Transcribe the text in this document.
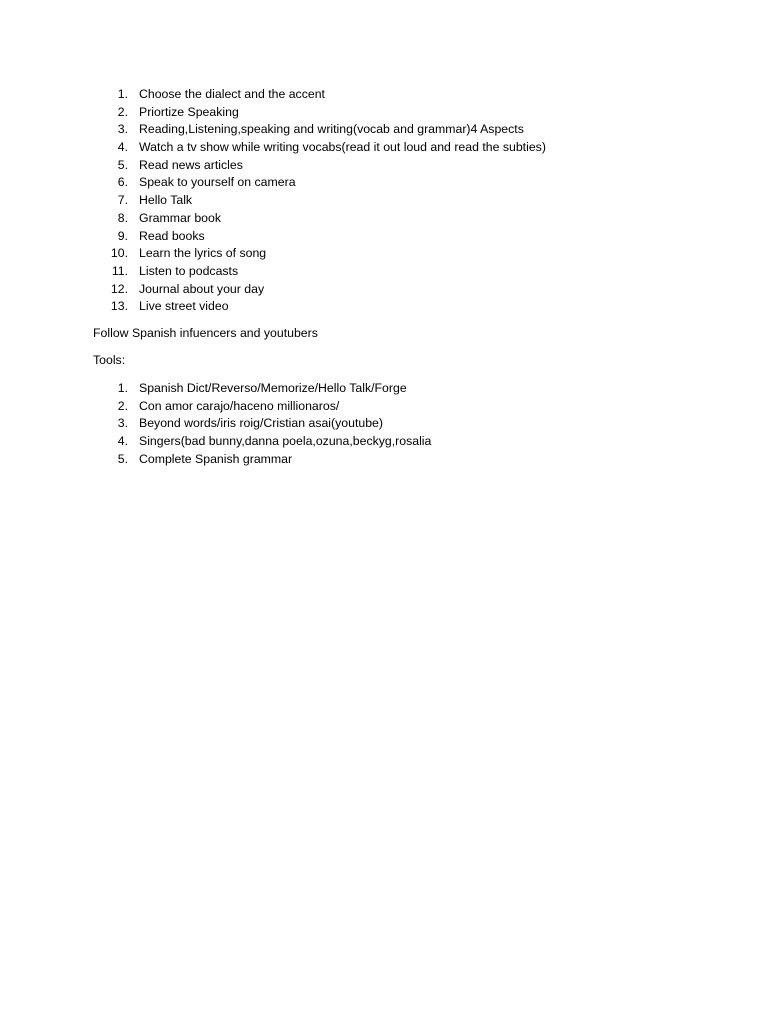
1. Choose the dialect and the accent
2. Priortize Speaking
3. Reading,Listening,speaking and writing(vocab and grammar)4 Aspects
4. Watch a tv show while writing vocabs(read it out loud and read the subties)
5. Read news articles
6. Speak to yourself on camera
7. Hello Talk
8. Grammar book
9. Read books
10. Learn the lyrics of song
11. Listen to podcasts
12. Journal about your day
13. Live street video
Follow Spanish infuencers and youtubers
Tools:
1. Spanish Dict/Reverso/Memorize/Hello Talk/Forge
2. Con amor carajo/haceno millionaros/
3. Beyond words/iris roig/Cristian asai(youtube)
4. Singers(bad bunny,danna poela,ozuna,beckyg,rosalia
5. Complete Spanish grammar
